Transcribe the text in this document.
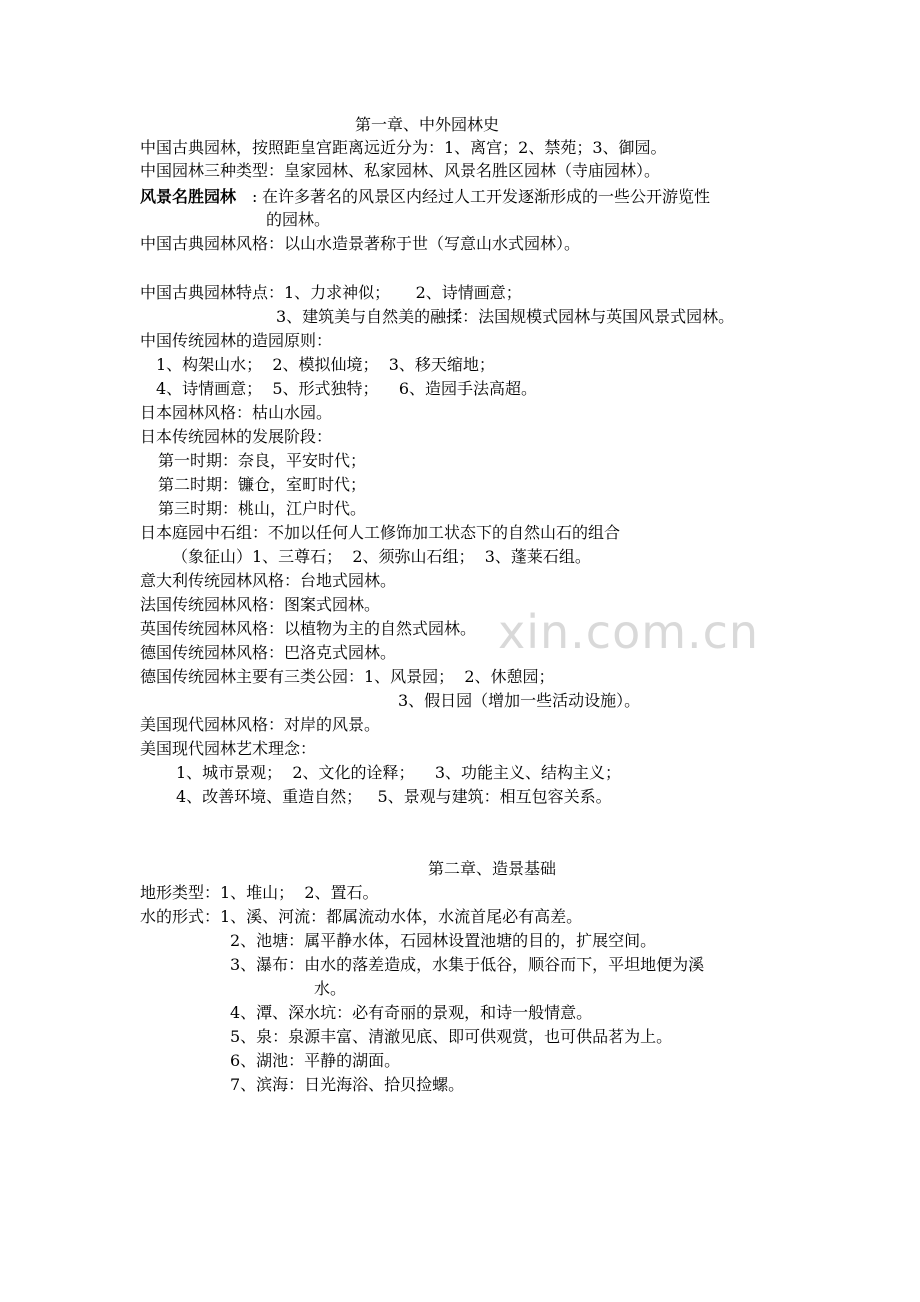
xin.com.cn
第一章、中外园林史
中国古典园林，按照距皇宫距离远近分为：1、离宫；2、禁苑；3、御园。
中国园林三种类型：皇家园林、私家园林、风景名胜区园林（寺庙园林）。
风景名胜园林 : 在许多著名的风景区内经过人工开发逐渐形成的一些公开游览性
的园林。
中国古典园林风格：以山水造景著称于世（写意山水式园林）。
中国古典园林特点：1、力求神似；     2、诗情画意；
3、建筑美与自然美的融揉：法国规模式园林与英国风景式园林。
中国传统园林的造园原则：
1、构架山水；  2、模拟仙境；  3、移天缩地；
4、诗情画意；  5、形式独特；    6、造园手法高超。
日本园林风格：枯山水园。
日本传统园林的发展阶段：
第一时期：奈良，平安时代；
第二时期：镰仓，室町时代；
第三时期：桃山，江户时代。
日本庭园中石组：不加以任何人工修饰加工状态下的自然山石的组合
（象征山）1、三尊石；  2、须弥山石组；  3、蓬莱石组。
意大利传统园林风格：台地式园林。
法国传统园林风格：图案式园林。
英国传统园林风格：以植物为主的自然式园林。
德国传统园林风格：巴洛克式园林。
德国传统园林主要有三类公园：1、风景园；  2、休憩园；
3、假日园（增加一些活动设施）。
美国现代园林风格：对岸的风景。
美国现代园林艺术理念：
1、城市景观；  2、文化的诠释；    3、功能主义、结构主义；
4、改善环境、重造自然；   5、景观与建筑：相互包容关系。
第二章、造景基础
地形类型：1、堆山；  2、置石。
水的形式：1、溪、河流：都属流动水体，水流首尾必有高差。
2、池塘：属平静水体，石园林设置池塘的目的，扩展空间。
3、瀑布：由水的落差造成，水集于低谷，顺谷而下，平坦地便为溪
水。
4、潭、深水坑：必有奇丽的景观，和诗一般情意。
5、泉：泉源丰富、清澈见底、即可供观赏，也可供品茗为上。
6、湖池：平静的湖面。
7、滨海：日光海浴、拾贝捡螺。
